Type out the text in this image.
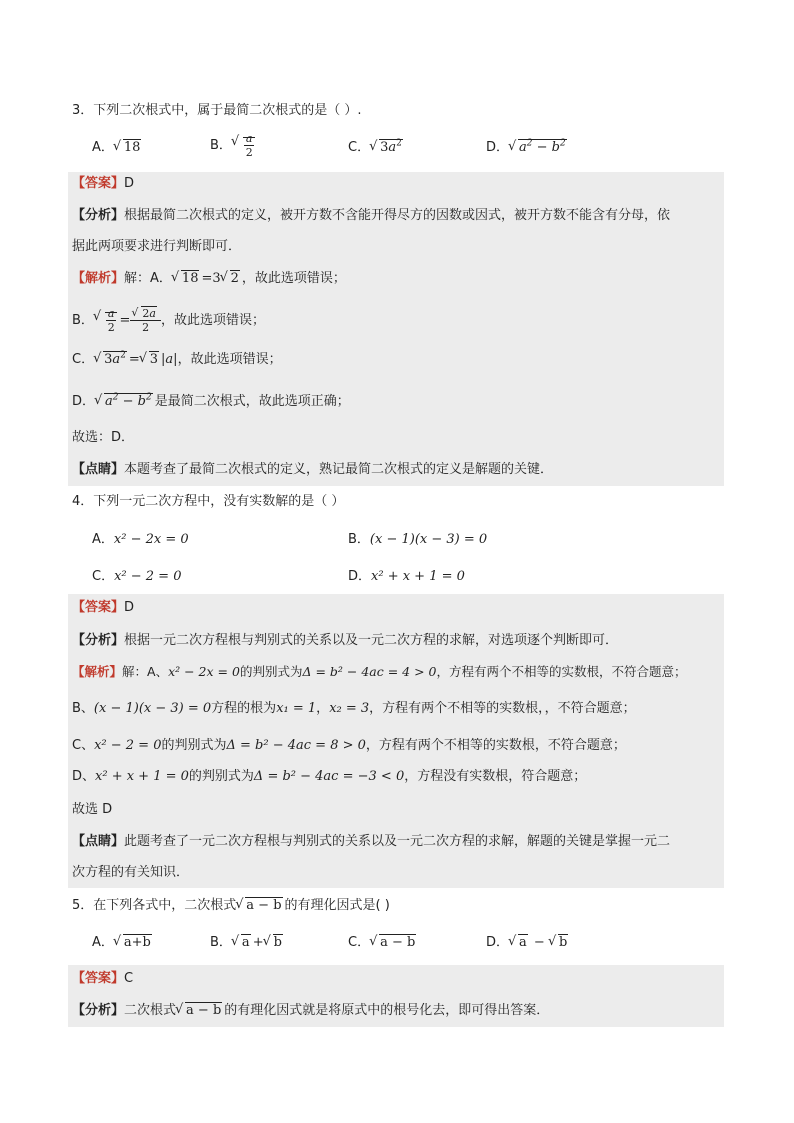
3．下列二次根式中，属于最简二次根式的是（ ）.
A． √ 18	B． √ $\frac{a}{2}$	C． √ $3a^2$	D． √ $a^2 - b^2$
【答案】D
【分析】根据最简二次根式的定义，被开方数不含能开得尽方的因数或因式，被开方数不能含有分母，依
据此两项要求进行判断即可．
【解析】解：A． √ 18 =3 √ 2 ，故此选项错误；
B． √ $\frac{a}{2}$ = √ $\frac{2a}{2}$ ，故此选项错误；
C． √ $3a^2$ = √ 3 |a|，故此选项错误；
D． √ $a^2 - b^2$ 是最简二次根式，故此选项正确；
故选：D．
【点睛】本题考查了最简二次根式的定义，熟记最简二次根式的定义是解题的关键．
4．下列一元二次方程中，没有实数解的是（ ）
A．x² − 2x = 0	B．(x − 1)(x − 3) = 0
C．x² − 2 = 0	D．x² + x + 1 = 0
【答案】D
【分析】根据一元二次方程根与判别式的关系以及一元二次方程的求解，对选项逐个判断即可．
【解析】解：A、x² − 2x = 0的判别式为Δ = b² − 4ac = 4 > 0，方程有两个不相等的实数根，不符合题意；
B、(x − 1)(x − 3) = 0方程的根为x₁ = 1，x₂ = 3，方程有两个不相等的实数根，，不符合题意；
C、x² − 2 = 0的判别式为Δ = b² − 4ac = 8 > 0，方程有两个不相等的实数根，不符合题意；
D、x² + x + 1 = 0的判别式为Δ = b² − 4ac = −3 < 0，方程没有实数根，符合题意；
故选 D
【点睛】此题考查了一元二次方程根与判别式的关系以及一元二次方程的求解，解题的关键是掌握一元二
次方程的有关知识．
5．在下列各式中，二次根式 √ a − b 的有理化因式是( )
A． √ a+b	B． √ a + √ b	C． √ a − b	D． √ a − √ b
【答案】C
【分析】二次根式 √ a − b 的有理化因式就是将原式中的根号化去，即可得出答案．
